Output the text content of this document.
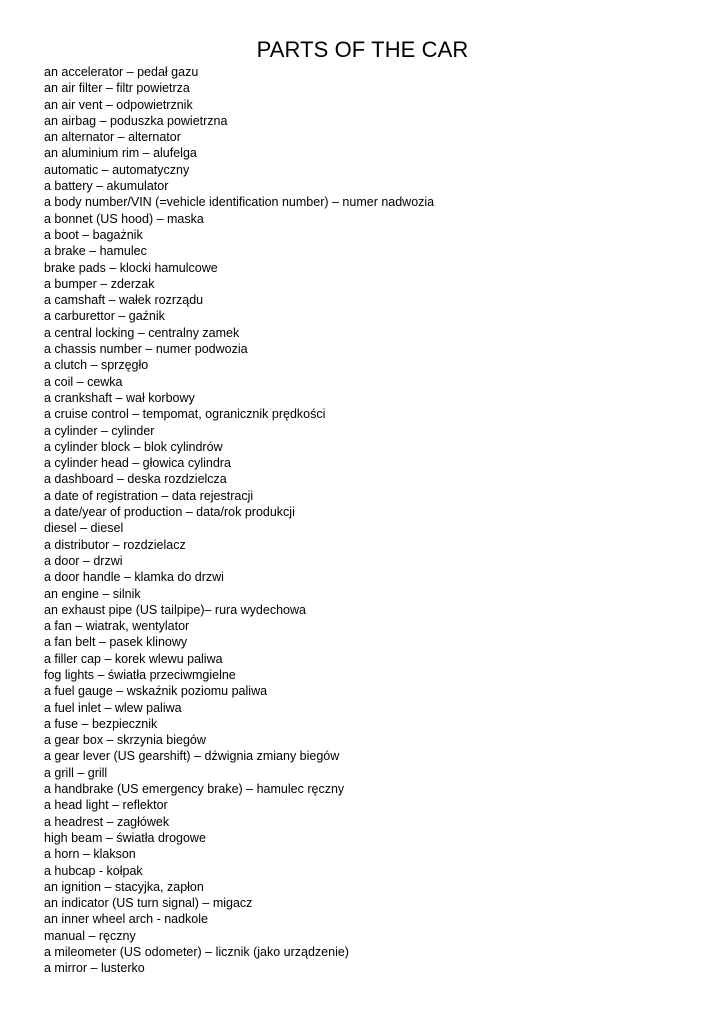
PARTS OF THE CAR
an accelerator – pedał gazu
an air filter – filtr powietrza
an air vent – odpowietrznik
an airbag – poduszka powietrzna
an alternator – alternator
an aluminium rim – alufelga
automatic – automatyczny
a battery – akumulator
a body number/VIN (=vehicle identification number) – numer nadwozia
a bonnet (US hood) – maska
a boot – bagażnik
a brake – hamulec
brake pads – klocki hamulcowe
a bumper – zderzak
a camshaft – wałek rozrządu
a carburettor – gaźnik
a central locking – centralny zamek
a chassis number – numer podwozia
a clutch – sprzęgło
a coil – cewka
a crankshaft – wał korbowy
a cruise control – tempomat, ogranicznik prędkości
a cylinder – cylinder
a cylinder block – blok cylindrów
a cylinder head – głowica cylindra
a dashboard – deska rozdzielcza
a date of registration – data rejestracji
a date/year of production – data/rok produkcji
diesel – diesel
a distributor – rozdzielacz
a door – drzwi
a door handle – klamka do drzwi
an engine – silnik
an exhaust pipe (US tailpipe)– rura wydechowa
a fan – wiatrak, wentylator
a fan belt – pasek klinowy
a filler cap – korek wlewu paliwa
fog lights – światła przeciwmgielne
a fuel gauge – wskaźnik poziomu paliwa
a fuel inlet – wlew paliwa
a fuse – bezpiecznik
a gear box – skrzynia biegów
a gear lever (US gearshift) – dźwignia zmiany biegów
a grill – grill
a handbrake (US emergency brake) – hamulec ręczny
a head light – reflektor
a headrest – zagłówek
high beam – światła drogowe
a horn – klakson
a hubcap - kołpak
an ignition – stacyjka, zapłon
an indicator (US turn signal) – migacz
an inner wheel arch - nadkole
manual – ręczny
a mileometer (US odometer) – licznik (jako urządzenie)
a mirror – lusterko
